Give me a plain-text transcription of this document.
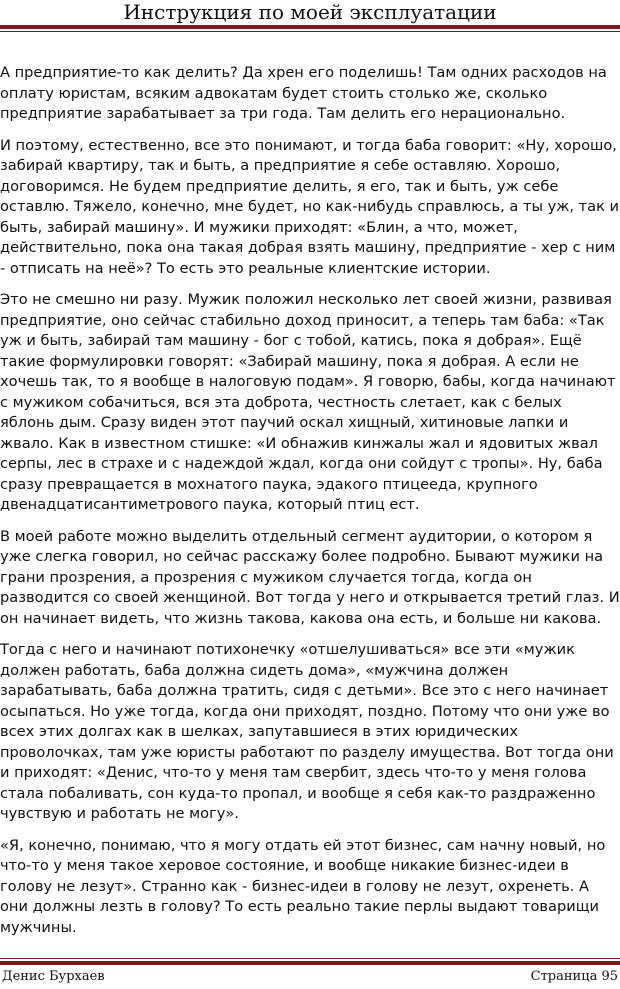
Инструкция по моей эксплуатации

А предприятие-то как делить? Да хрен его поделишь! Там одних расходов на оплату юристам, всяким адвокатам будет стоить столько же, сколько предприятие зарабатывает за три года. Там делить его нерационально.

И поэтому, естественно, все это понимают, и тогда баба говорит: «Ну, хорошо, забирай квартиру, так и быть, а предприятие я себе оставляю. Хорошо, договоримся. Не будем предприятие делить, я его, так и быть, уж себе оставлю. Тяжело, конечно, мне будет, но как-нибудь справлюсь, а ты уж, так и быть, забирай машину». И мужики приходят: «Блин, а что, может, действительно, пока она такая добрая взять машину, предприятие - хер с ним - отписать на неё»? То есть это реальные клиентские истории.

Это не смешно ни разу. Мужик положил несколько лет своей жизни, развивая предприятие, оно сейчас стабильно доход приносит, а теперь там баба: «Так уж и быть, забирай там машину - бог с тобой, катись, пока я добрая». Ещё такие формулировки говорят: «Забирай машину, пока я добрая. А если не хочешь так, то я вообще в налоговую подам». Я говорю, бабы, когда начинают с мужиком собачиться, вся эта доброта, честность слетает, как с белых яблонь дым. Сразу виден этот паучий оскал хищный, хитиновые лапки и жвало. Как в известном стишке: «И обнажив кинжалы жал и ядовитых жвал серпы, лес в страхе и с надеждой ждал, когда они сойдут с тропы». Ну, баба сразу превращается в мохнатого паука, эдакого птицееда, крупного двенадцатисантиметрового паука, который птиц ест.

В моей работе можно выделить отдельный сегмент аудитории, о котором я уже слегка говорил, но сейчас расскажу более подробно. Бывают мужики на грани прозрения, а прозрения с мужиком случается тогда, когда он разводится со своей женщиной. Вот тогда у него и открывается третий глаз. И он начинает видеть, что жизнь такова, какова она есть, и больше ни какова.

Тогда с него и начинают потихонечку «отшелушиваться» все эти «мужик должен работать, баба должна сидеть дома», «мужчина должен зарабатывать, баба должна тратить, сидя с детьми». Все это с него начинает осыпаться. Но уже тогда, когда они приходят, поздно. Потому что они уже во всех этих долгах как в шелках, запутавшиеся в этих юридических проволочках, там уже юристы работают по разделу имущества. Вот тогда они и приходят: «Денис, что-то у меня там свербит, здесь что-то у меня голова стала побаливать, сон куда-то пропал, и вообще я себя как-то раздраженно чувствую и работать не могу».

«Я, конечно, понимаю, что я могу отдать ей этот бизнес, сам начну новый, но что-то у меня такое херовое состояние, и вообще никакие бизнес-идеи в голову не лезут». Странно как - бизнес-идеи в голову не лезут, охренеть. А они должны лезть в голову? То есть реально такие перлы выдают товарищи мужчины.

Денис Бурхаев	Страница 95
